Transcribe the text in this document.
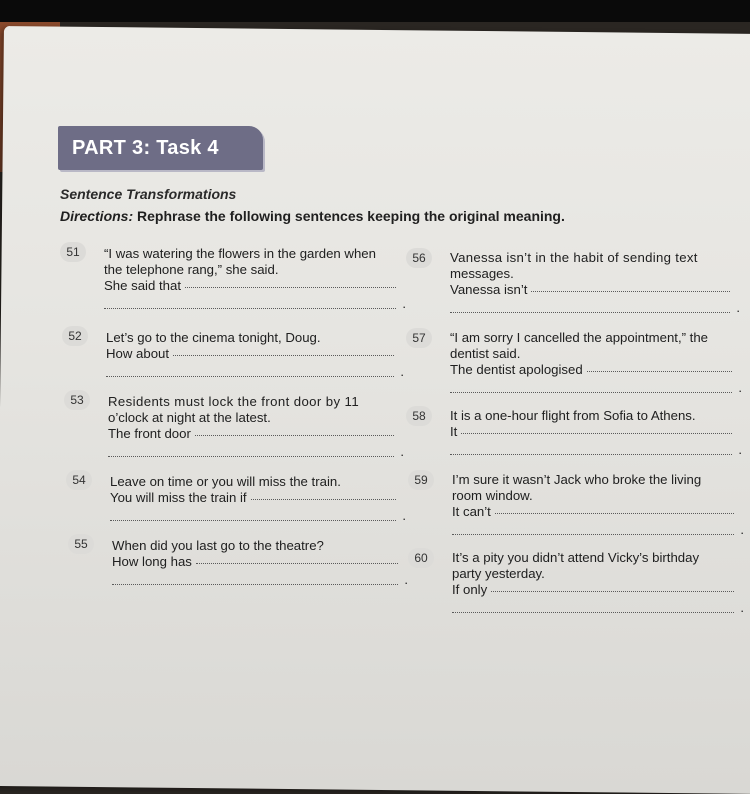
PART 3: Task 4
Sentence Transformations
Directions: Rephrase the following sentences keeping the original meaning.
51	“I was watering the flowers in the garden when
the telephone rang,” she said.
She said that
.
52	Let’s go to the cinema tonight, Doug.
How about
.
53	Residents must lock the front door by 11
o’clock at night at the latest.
The front door
.
54	Leave on time or you will miss the train.
You will miss the train if
.
55	When did you last go to the theatre?
How long has
.
56	Vanessa isn’t in the habit of sending text
messages.
Vanessa isn’t
.
57	“I am sorry I cancelled the appointment,” the
dentist said.
The dentist apologised
.
58	It is a one-hour flight from Sofia to Athens.
It
.
59	I’m sure it wasn’t Jack who broke the living
room window.
It can’t
.
60	It’s a pity you didn’t attend Vicky’s birthday
party yesterday.
If only
.
